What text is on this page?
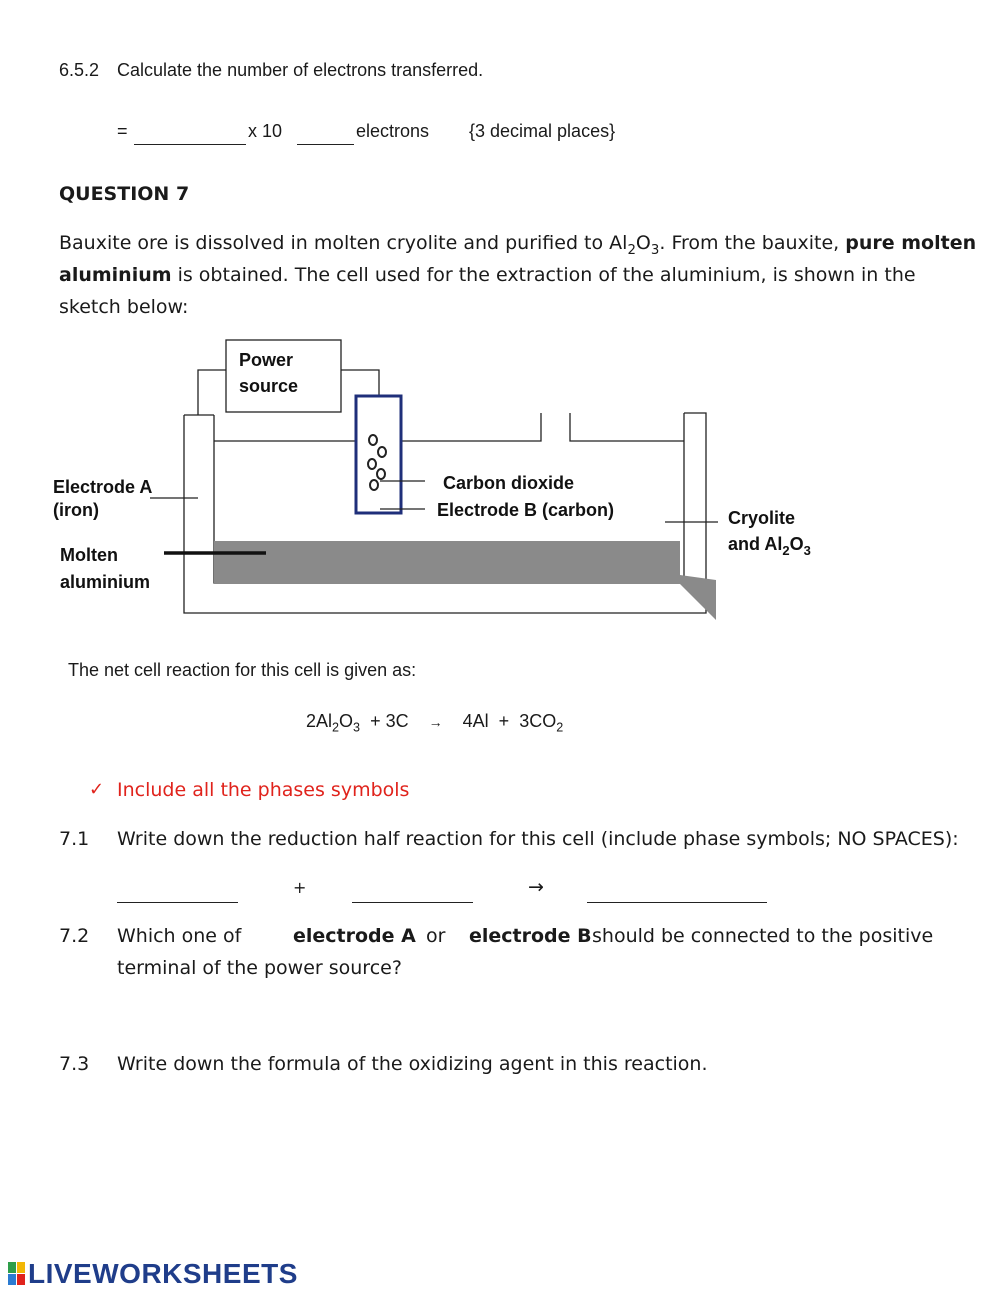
6.5.2 Calculate the number of electrons transferred.
=	x 10	electrons {3 decimal places}
QUESTION 7
Bauxite ore is dissolved in molten cryolite and purified to $Al_2O_3$. From the bauxite, pure molten
aluminium is obtained. The cell used for the extraction of the aluminium, is shown in the
sketch below:
Power
source
Electrode A
(iron)
Molten
aluminium
Carbon dioxide
Electrode B (carbon)	Cryolite
and $Al_2O_3$
The net cell reaction for this cell is given as:
$2Al_2O_3 + 3C \to 4Al + 3CO_2$
✓ Include all the phases symbols
7.1 Write down the reduction half reaction for this cell (include phase symbols; NO SPACES):
+	→
7.2 Which one of	electrode A or electrode B should be connected to the positive
terminal of the power source?
7.3 Write down the formula of the oxidizing agent in this reaction.
LIVEWORKSHEETS
